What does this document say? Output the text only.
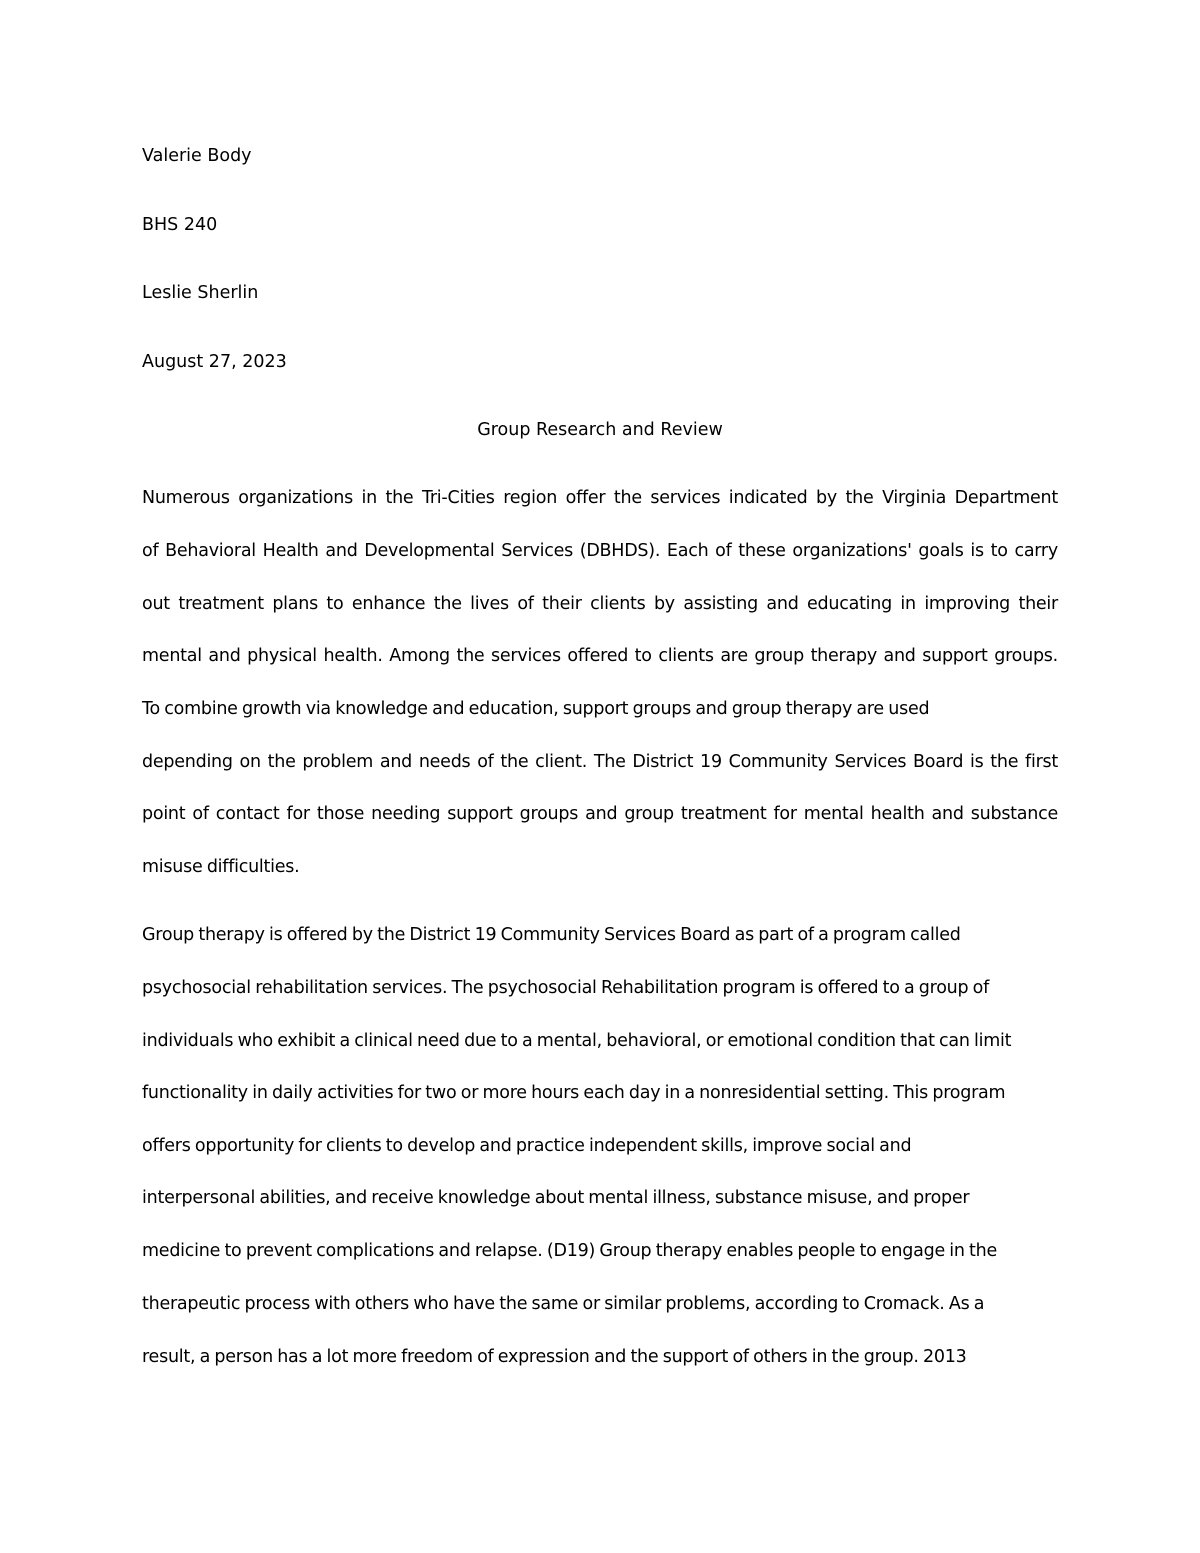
Valerie Body
BHS 240
Leslie Sherlin
August 27, 2023
Group Research and Review
Numerous organizations in the Tri-Cities region offer the services indicated by the Virginia Department
of Behavioral Health and Developmental Services (DBHDS). Each of these organizations' goals is to carry
out treatment plans to enhance the lives of their clients by assisting and educating in improving their
mental and physical health. Among the services offered to clients are group therapy and support groups.
To combine growth via knowledge and education, support groups and group therapy are used
depending on the problem and needs of the client. The District 19 Community Services Board is the first
point of contact for those needing support groups and group treatment for mental health and substance
misuse difficulties.
Group therapy is offered by the District 19 Community Services Board as part of a program called
psychosocial rehabilitation services. The psychosocial Rehabilitation program is offered to a group of
individuals who exhibit a clinical need due to a mental, behavioral, or emotional condition that can limit
functionality in daily activities for two or more hours each day in a nonresidential setting. This program
offers opportunity for clients to develop and practice independent skills, improve social and
interpersonal abilities, and receive knowledge about mental illness, substance misuse, and proper
medicine to prevent complications and relapse. (D19) Group therapy enables people to engage in the
therapeutic process with others who have the same or similar problems, according to Cromack. As a
result, a person has a lot more freedom of expression and the support of others in the group. 2013
